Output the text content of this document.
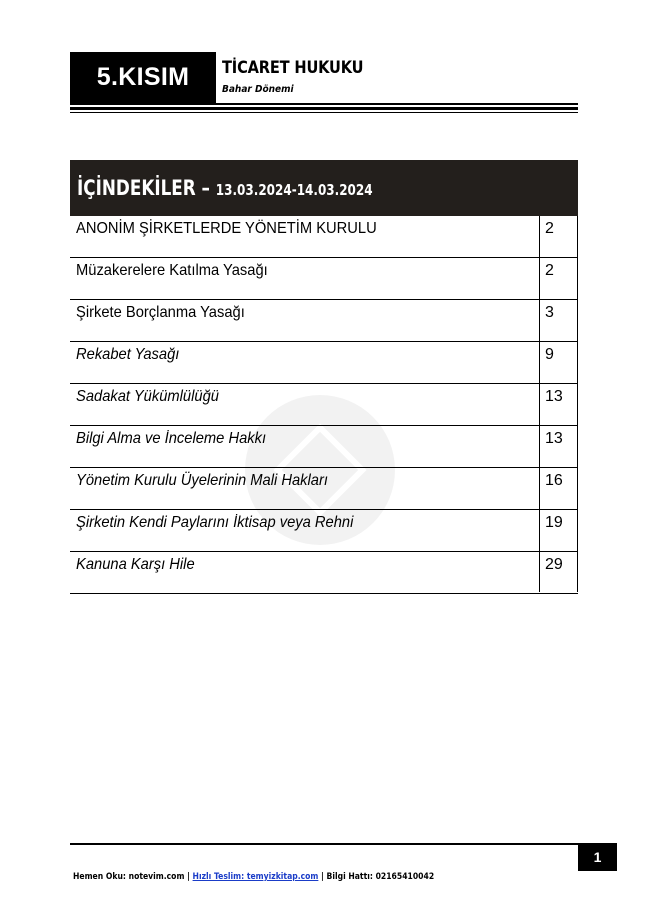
5.KISIM	TİCARET HUKUKU
Bahar Dönemi
İÇİNDEKİLER – 13.03.2024-14.03.2024
ANONİM ŞİRKETLERDE YÖNETİM KURULU	2
Müzakerelere Katılma Yasağı	2
Şirkete Borçlanma Yasağı	3
Rekabet Yasağı	9
Sadakat Yükümlülüğü	13
Bilgi Alma ve İnceleme Hakkı	13
Yönetim Kurulu Üyelerinin Mali Hakları	16
Şirketin Kendi Paylarını İktisap veya Rehni	19
Kanuna Karşı Hile	29
1
Hemen Oku: notevim.com | Hızlı Teslim: temyizkitap.com | Bilgi Hattı: 02165410042
